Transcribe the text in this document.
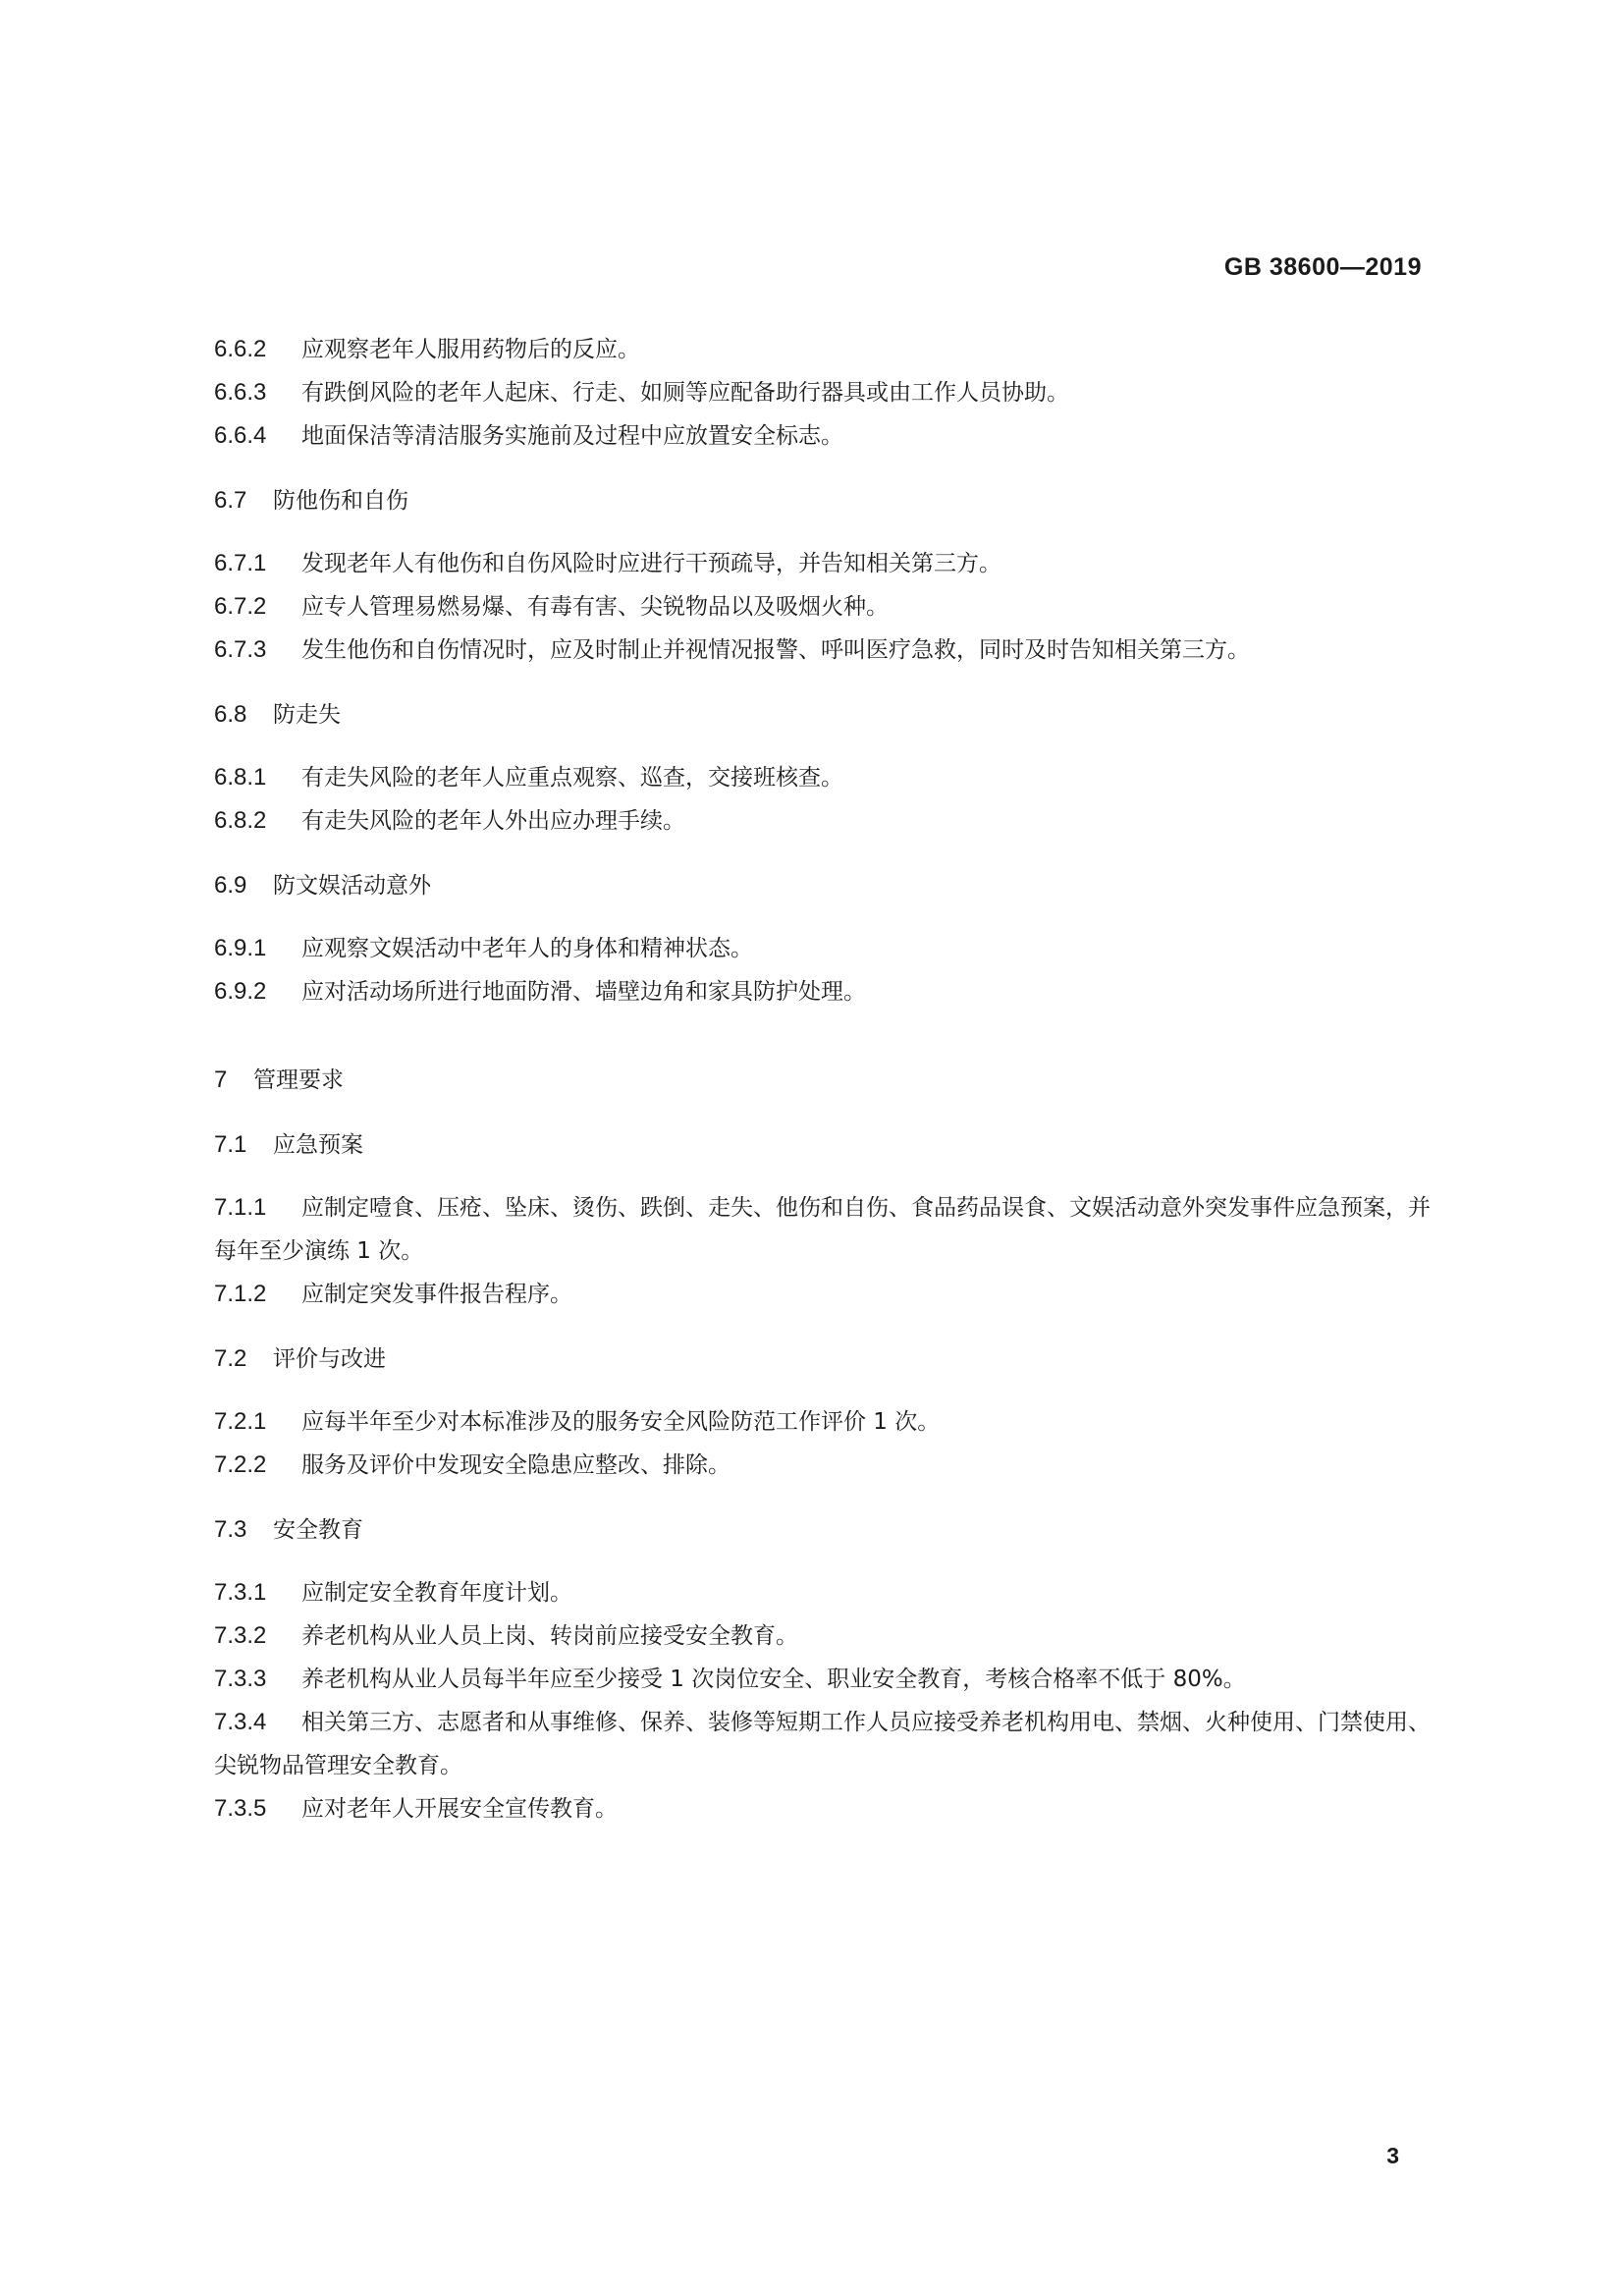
GB 38600—2019
6.6.2 应观察老年人服用药物后的反应。
6.6.3 有跌倒风险的老年人起床、行走、如厕等应配备助行器具或由工作人员协助。
6.6.4 地面保洁等清洁服务实施前及过程中应放置安全标志。
6.7 防他伤和自伤
6.7.1 发现老年人有他伤和自伤风险时应进行干预疏导，并告知相关第三方。
6.7.2 应专人管理易燃易爆、有毒有害、尖锐物品以及吸烟火种。
6.7.3 发生他伤和自伤情况时，应及时制止并视情况报警、呼叫医疗急救，同时及时告知相关第三方。
6.8 防走失
6.8.1 有走失风险的老年人应重点观察、巡查，交接班核查。
6.8.2 有走失风险的老年人外出应办理手续。
6.9 防文娱活动意外
6.9.1 应观察文娱活动中老年人的身体和精神状态。
6.9.2 应对活动场所进行地面防滑、墙壁边角和家具防护处理。
7 管理要求
7.1 应急预案
7.1.1 应制定噎食、压疮、坠床、烫伤、跌倒、走失、他伤和自伤、食品药品误食、文娱活动意外突发事件应急预案，并每年至少演练 1 次。
7.1.2 应制定突发事件报告程序。
7.2 评价与改进
7.2.1 应每半年至少对本标准涉及的服务安全风险防范工作评价 1 次。
7.2.2 服务及评价中发现安全隐患应整改、排除。
7.3 安全教育
7.3.1 应制定安全教育年度计划。
7.3.2 养老机构从业人员上岗、转岗前应接受安全教育。
7.3.3 养老机构从业人员每半年应至少接受 1 次岗位安全、职业安全教育，考核合格率不低于 80%。
7.3.4 相关第三方、志愿者和从事维修、保养、装修等短期工作人员应接受养老机构用电、禁烟、火种使用、门禁使用、尖锐物品管理安全教育。
7.3.5 应对老年人开展安全宣传教育。
3
